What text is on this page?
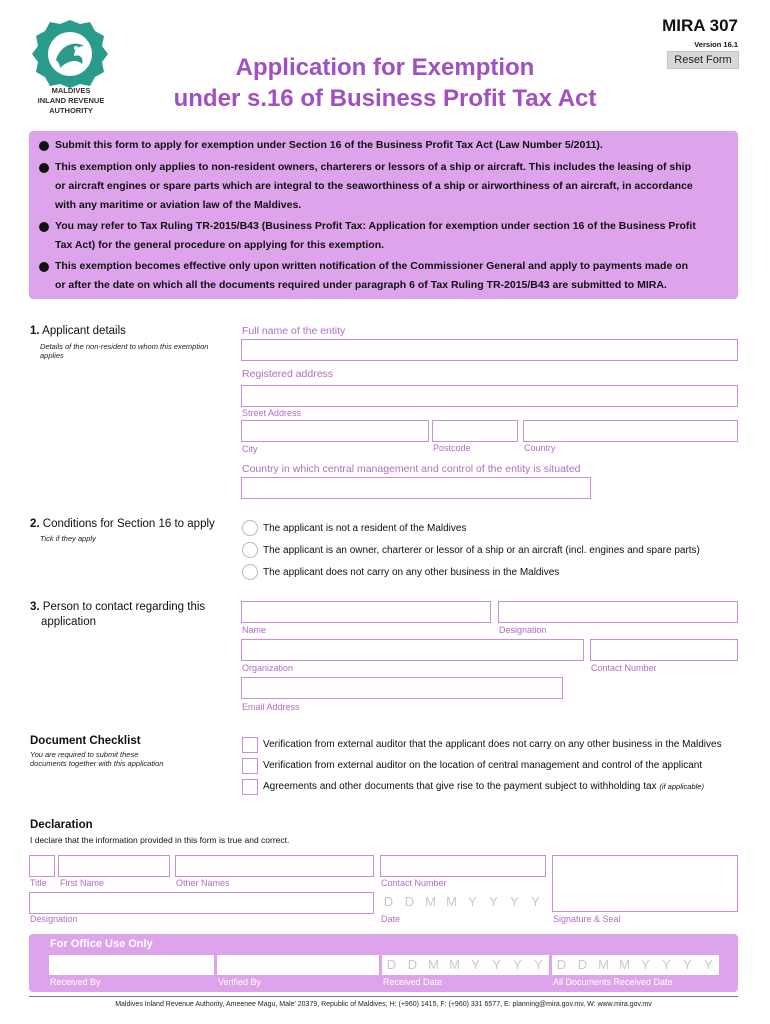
MALDIVES
INLAND REVENUE
AUTHORITY
Application for Exemption
under s.16 of Business Profit Tax Act
MIRA 307
Version 16.1
Reset Form
Submit this form to apply for exemption under Section 16 of the Business Profit Tax Act (Law Number 5/2011).
This exemption only applies to non-resident owners, charterers or lessors of a ship or aircraft. This includes the leasing of ship
or aircraft engines or spare parts which are integral to the seaworthiness of a ship or airworthiness of an aircraft, in accordance
with any maritime or aviation law of the Maldives.
You may refer to Tax Ruling TR-2015/B43 (Business Profit Tax: Application for exemption under section 16 of the Business Profit
Tax Act) for the general procedure on applying for this exemption.
This exemption becomes effective only upon written notification of the Commissioner General and apply to payments made on
or after the date on which all the documents required under paragraph 6 of Tax Ruling TR-2015/B43 are submitted to MIRA.
1. Applicant details
Details of the non-resident to whom this exemption
applies
Full name of the entity
Registered address
Street Address
City	Postcode	Country
Country in which central management and control of the entity is situated
2. Conditions for Section 16 to apply
Tick if they apply
The applicant is not a resident of the Maldives
The applicant is an owner, charterer or lessor of a ship or an aircraft (incl. engines and spare parts)
The applicant does not carry on any other business in the Maldives
3. Person to contact regarding this
application
Name	Designation
Organization	Contact Number
Email Address
Document Checklist
You are required to submit these
documents together with this application
Verification from external auditor that the applicant does not carry on any other business in the Maldives
Verification from external auditor on the location of central management and control of the applicant
Agreements and other documents that give rise to the payment subject to withholding tax (if applicable)
Declaration
I declare that the information provided in this form is true and correct.
Title First Name	Other Names	Contact Number
D D M M Y Y Y Y
Designation	Date	Signature & Seal
For Office Use Only
D D M M Y Y Y Y	D D M M Y Y Y Y
Received By	Verified By	Received Date	All Documents Received Date
Maldives Inland Revenue Authority, Ameenee Magu, Male' 20379, Republic of Maldives, H: (+960) 1415, F: (+960) 331 6577, E: planning@mira.gov.mv, W: www.mira.gov.mv
